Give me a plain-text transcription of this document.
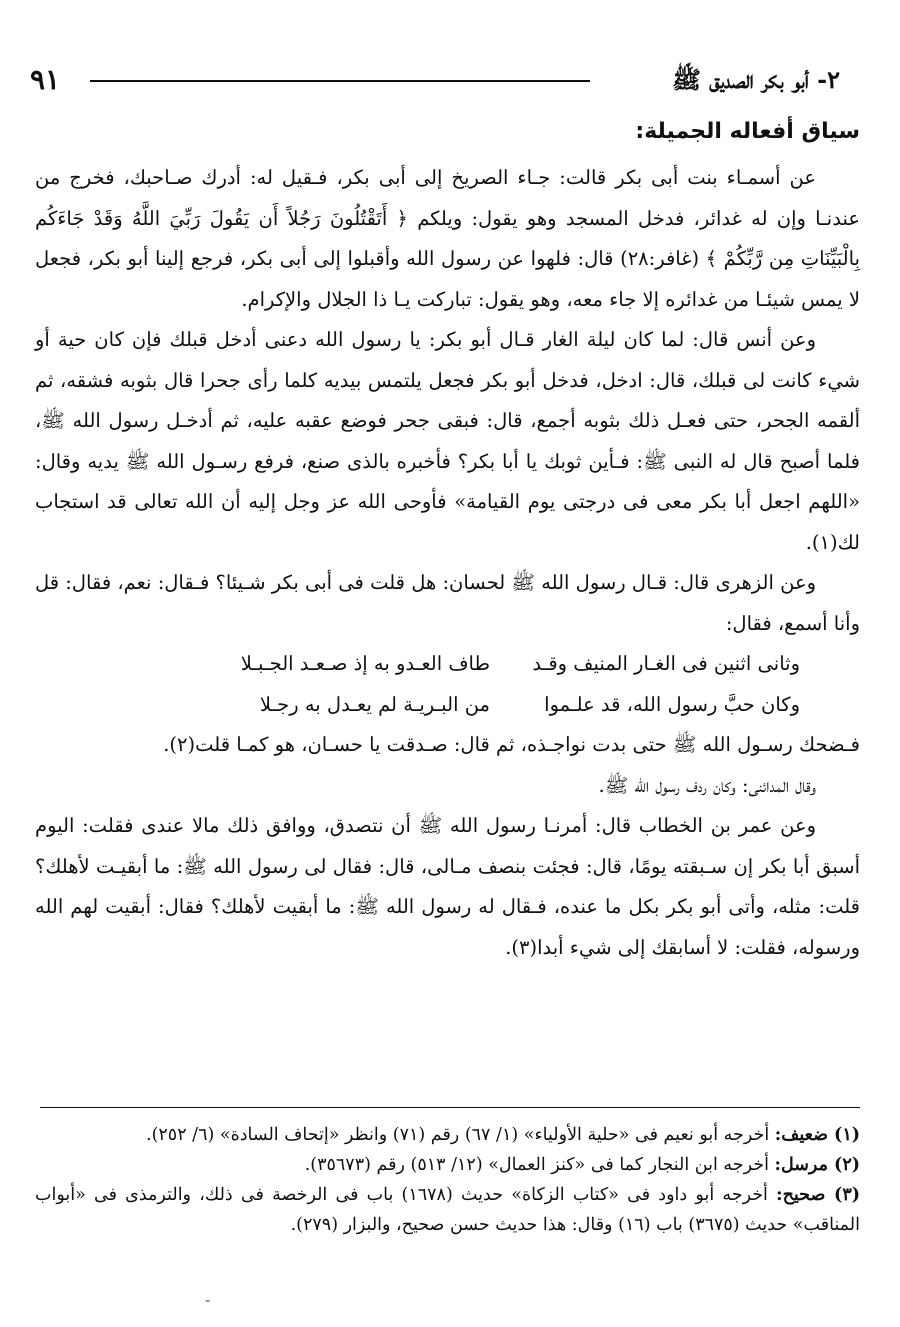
٩١	٢- أبو بكر الصديق ﷺ
سياق أفعاله الجميلة:

عن أسمـاء بنت أبى بكر قالت: جـاء الصريخ إلى أبى بكر، فـقيل له: أدرك صـاحبك، فخرج من عندنـا وإن له غدائر، فدخل المسجد وهو يقول: ويلكم ﴿ أَتَقْتُلُونَ رَجُلاً أَن يَقُولَ رَبِّيَ اللَّهُ وَقَدْ جَاءَكُم بِالْبَيِّنَاتِ مِن رَّبِّكُمْ ﴾ (غافر:٢٨) قال: فلهوا عن رسول الله وأقبلوا إلى أبى بكر، فرجع إلينا أبو بكر، فجعل لا يمس شيئـا من غدائره إلا جاء معه، وهو يقول: تباركت يـا ذا الجلال والإكرام.

وعن أنس قال: لما كان ليلة الغار قـال أبو بكر: يا رسول الله دعنى أدخل قبلك فإن كان حية أو شيء كانت لى قبلك، قال: ادخل، فدخل أبو بكر فجعل يلتمس بيديه كلما رأى جحرا قال بثوبه فشقه، ثم ألقمه الجحر، حتى فعـل ذلك بثوبه أجمع، قال: فبقى جحر فوضع عقبه عليه، ثم أدخـل رسول الله ﷺ، فلما أصبح قال له النبى ﷺ: فـأين ثوبك يا أبا بكر؟ فأخبره بالذى صنع، فرفع رسـول الله ﷺ يديه وقال: «اللهم اجعل أبا بكر معى فى درجتى يوم القيامة» فأوحى الله عز وجل إليه أن الله تعالى قد استجاب لك(١).

وعن الزهرى قال: قـال رسول الله ﷺ لحسان: هل قلت فى أبى بكر شـيئا؟ فـقال: نعم، فقال: قل وأنا أسمع، فقال:

وثانى اثنين فى الغـار المنيف وقـد
طاف العـدو به إذ صـعـد الجـبـلا
وكان حبَّ رسول الله، قد علـموا
من البـريـة لم يعـدل به رجـلا

فـضحك رسـول الله ﷺ حتى بدت نواجـذه، ثم قال: صـدقت يا حسـان، هو كمـا قلت(٢).

وقال المدائنى: وكان ردف رسول الله ﷺ.

وعن عمر بن الخطاب قال: أمرنـا رسول الله ﷺ أن نتصدق، ووافق ذلك مالا عندى فقلت: اليوم أسبق أبا بكر إن سـبقته يومًا، قال: فجئت بنصف مـالى، قال: فقال لى رسول الله ﷺ: ما أبقيـت لأهلك؟ قلت: مثله، وأتى أبو بكر بكل ما عنده، فـقال له رسول الله ﷺ: ما أبقيت لأهلك؟ فقال: أبقيت لهم الله ورسوله، فقلت: لا أسابقك إلى شيء أبدا(٣).

(١) ضعيف: أخرجه أبو نعيم فى «حلية الأولياء» (١/ ٦٧) رقم (٧١) وانظر «إتحاف السادة» (٦/ ٢٥٢).

(٢) مرسل: أخرجه ابن النجار كما فى «كنز العمال» (١٢/ ٥١٣) رقم (٣٥٦٧٣).

(٣) صحيح: أخرجه أبو داود فى «كتاب الزكاة» حديث (١٦٧٨) باب فى الرخصة فى ذلك، والترمذى فى «أبواب المناقب» حديث (٣٦٧٥) باب (١٦) وقال: هذا حديث حسن صحيح، والبزار (٢٧٩).

-
